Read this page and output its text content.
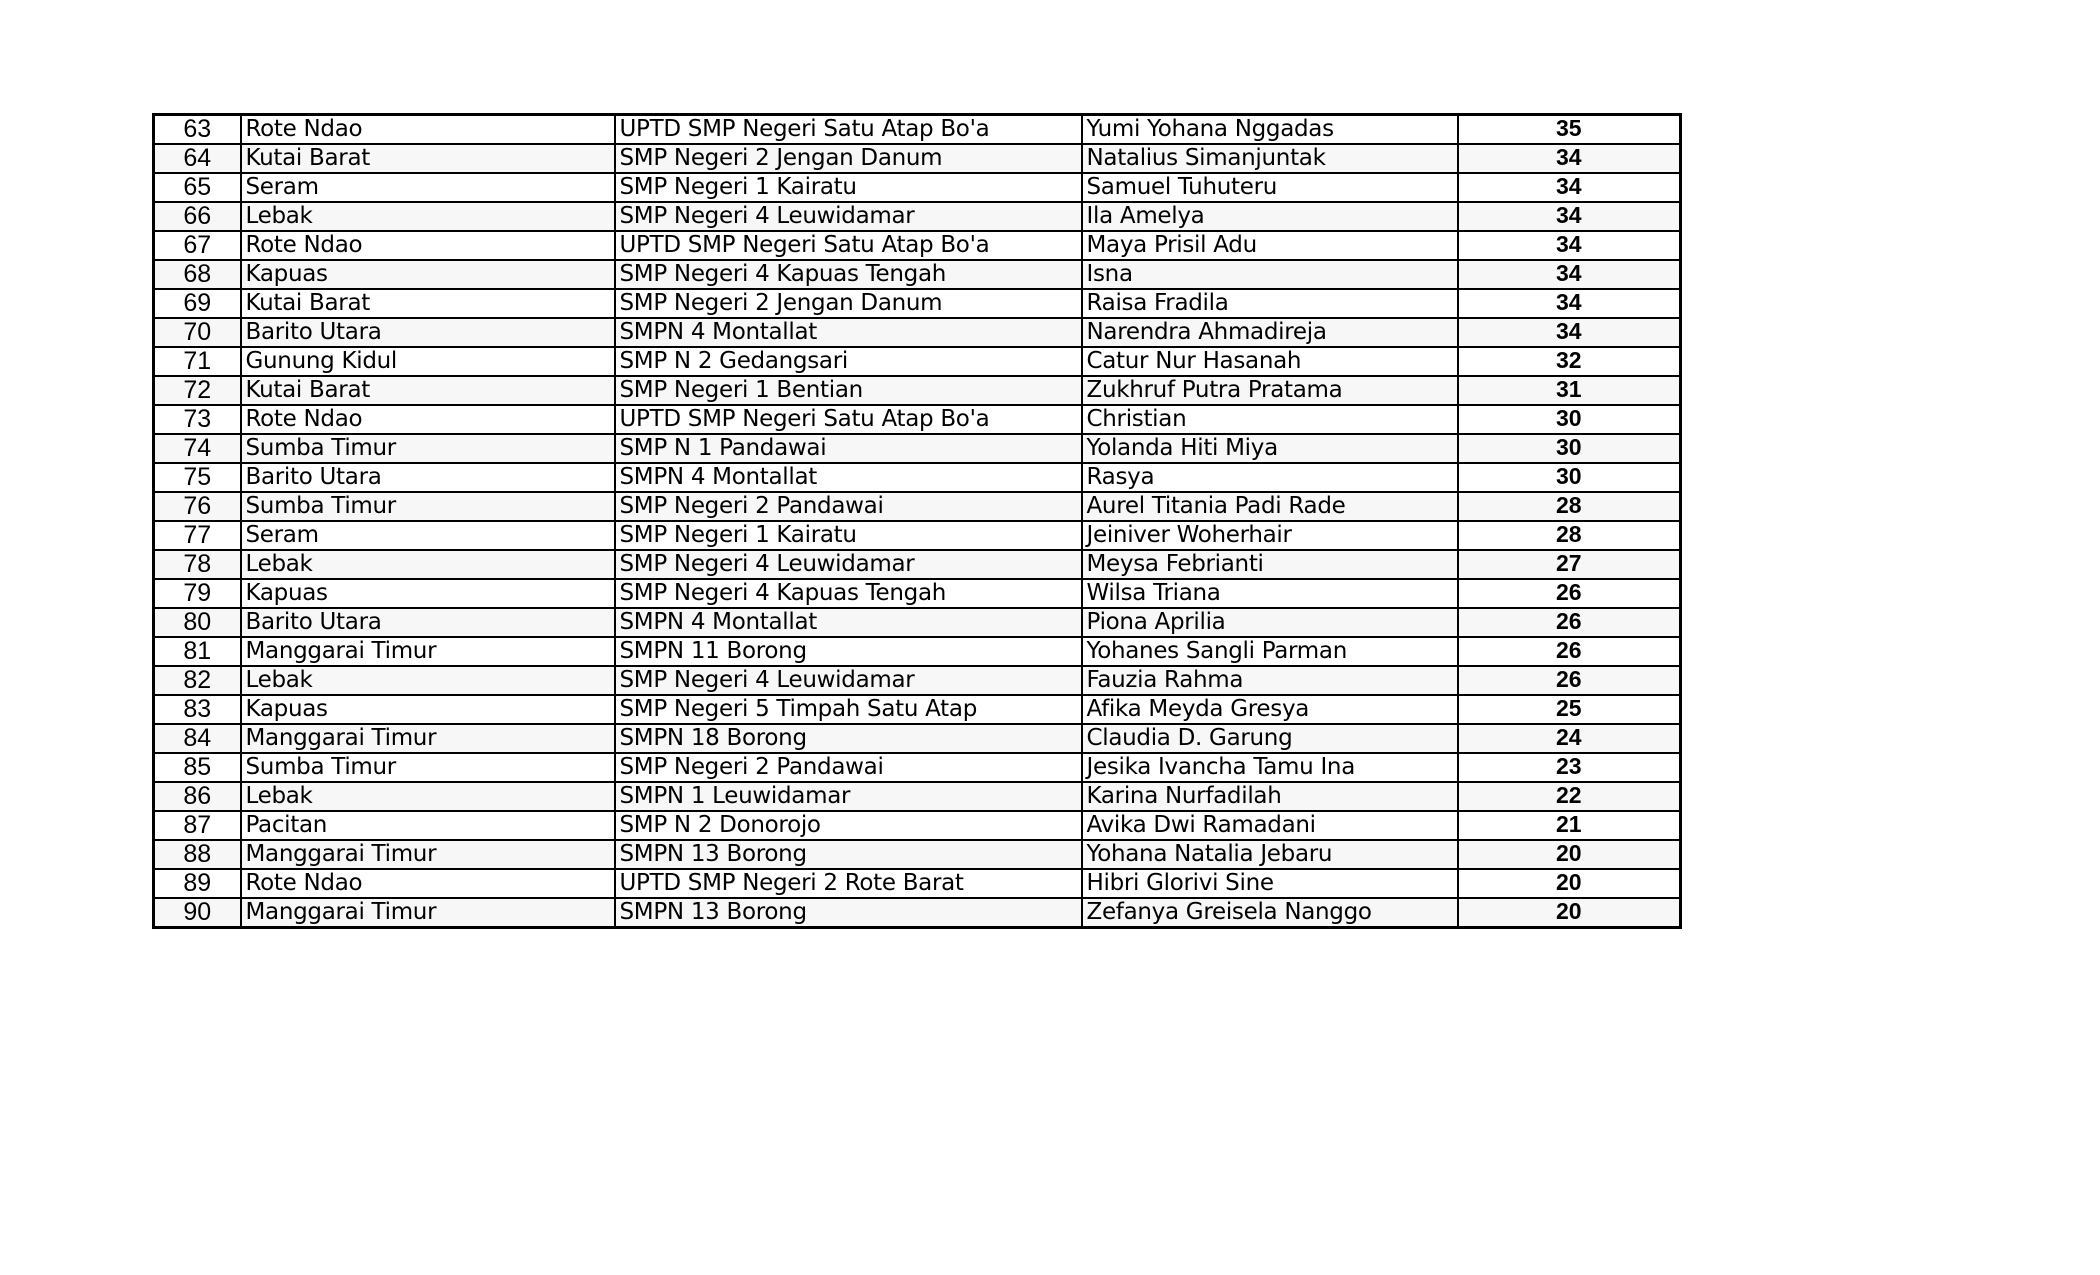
63	Rote Ndao	UPTD SMP Negeri Satu Atap Bo'a	Yumi Yohana Nggadas	35
64	Kutai Barat	SMP Negeri 2 Jengan Danum	Natalius Simanjuntak	34
65	Seram	SMP Negeri 1 Kairatu	Samuel Tuhuteru	34
66	Lebak	SMP Negeri 4 Leuwidamar	Ila Amelya	34
67	Rote Ndao	UPTD SMP Negeri Satu Atap Bo'a	Maya Prisil Adu	34
68	Kapuas	SMP Negeri 4 Kapuas Tengah	Isna	34
69	Kutai Barat	SMP Negeri 2 Jengan Danum	Raisa Fradila	34
70	Barito Utara	SMPN 4 Montallat	Narendra Ahmadireja	34
71	Gunung Kidul	SMP N 2 Gedangsari	Catur Nur Hasanah	32
72	Kutai Barat	SMP Negeri 1 Bentian	Zukhruf Putra Pratama	31
73	Rote Ndao	UPTD SMP Negeri Satu Atap Bo'a	Christian	30
74	Sumba Timur	SMP N 1 Pandawai	Yolanda Hiti Miya	30
75	Barito Utara	SMPN 4 Montallat	Rasya	30
76	Sumba Timur	SMP Negeri 2 Pandawai	Aurel Titania Padi Rade	28
77	Seram	SMP Negeri 1 Kairatu	Jeiniver Woherhair	28
78	Lebak	SMP Negeri 4 Leuwidamar	Meysa Febrianti	27
79	Kapuas	SMP Negeri 4 Kapuas Tengah	Wilsa Triana	26
80	Barito Utara	SMPN 4 Montallat	Piona Aprilia	26
81	Manggarai Timur	SMPN 11 Borong	Yohanes Sangli Parman	26
82	Lebak	SMP Negeri 4 Leuwidamar	Fauzia Rahma	26
83	Kapuas	SMP Negeri 5 Timpah Satu Atap	Afika Meyda Gresya	25
84	Manggarai Timur	SMPN 18 Borong	Claudia D. Garung	24
85	Sumba Timur	SMP Negeri 2 Pandawai	Jesika Ivancha Tamu Ina	23
86	Lebak	SMPN 1 Leuwidamar	Karina Nurfadilah	22
87	Pacitan	SMP N 2 Donorojo	Avika Dwi Ramadani	21
88	Manggarai Timur	SMPN 13 Borong	Yohana Natalia Jebaru	20
89	Rote Ndao	UPTD SMP Negeri 2 Rote Barat	Hibri Glorivi Sine	20
90	Manggarai Timur	SMPN 13 Borong	Zefanya Greisela Nanggo	20
